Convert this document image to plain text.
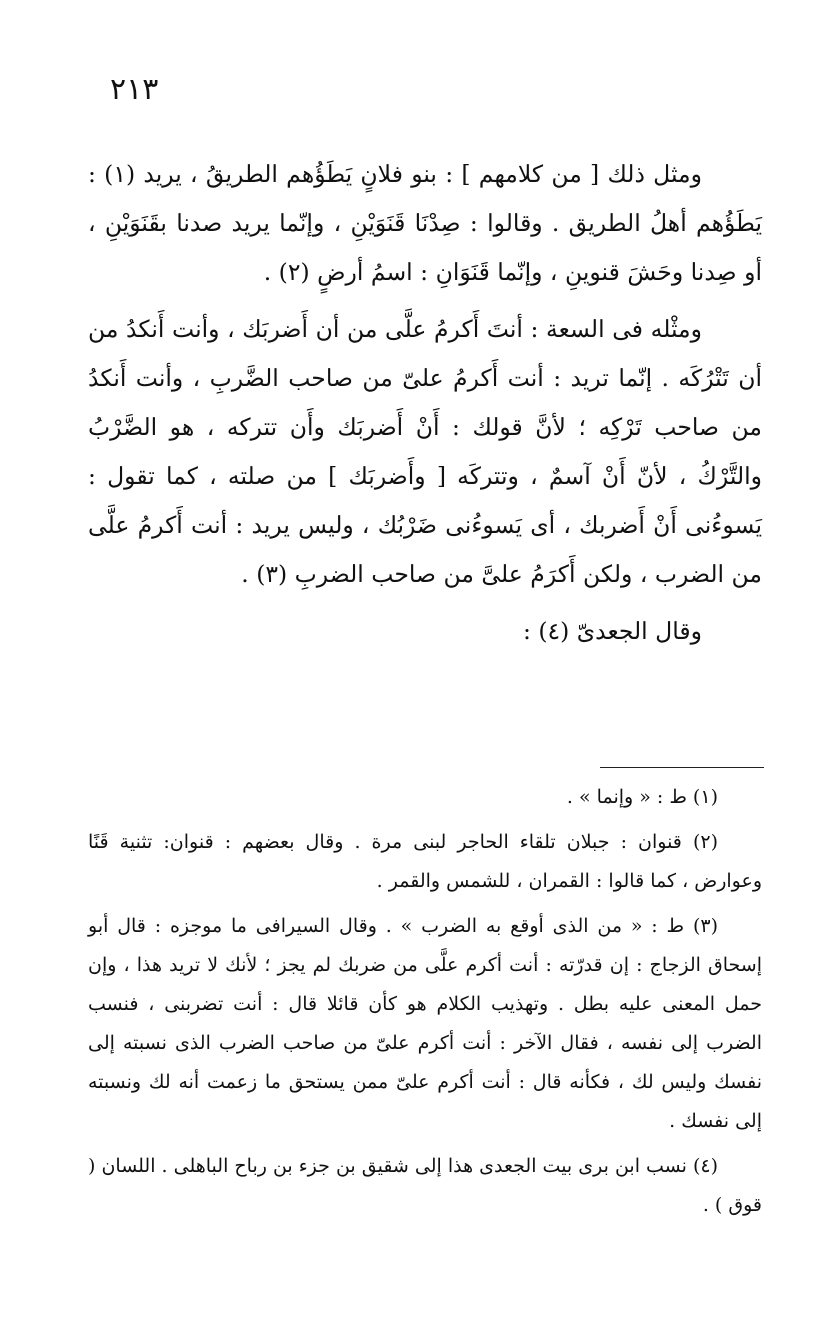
٢١٣

ومثل ذلك [ من كلامهم ] : بنو فلانٍ يَطَؤُهم الطريقُ ، يريد (١) : يَطَؤُهم أهلُ الطريق . وقالوا : صِدْنَا قَنَوَيْنِ ، وإنّما يريد صدنا بقَنَوَيْنِ ، أو صِدنا وحَشَ قنوينِ ، وإنّما قَنَوَانِ : اسمُ أرضٍ (٢) .

ومثْله فى السعة : أنتَ أَكرمُ علَّى من أن أَضربَك ، وأنت أَنكدُ من أن تَتْرُكَه . إنّما تريد : أنت أَكرمُ علىّ من صاحب الضَّربِ ، وأنت أَنكدُ من صاحب تَرْكِه ؛ لأنَّ قولك : أَنْ أَضربَك وأَن تتركه ، هو الضَّرْبُ والتَّرْكُ ، لأنّ أَنْ آسمٌ ، وتتركَه [ وأَضربَك ] من صلته ، كما تقول : يَسوءُنى أَنْ أَضربك ، أى يَسوءُنى ضَرْبُك ، وليس يريد : أنت أَكرمُ علَّى من الضرب ، ولكن أَكرَمُ علىَّ من صاحب الضربِ (٣) .

وقال الجعدىّ (٤) :

(١) ط : « وإنما » .

(٢) قنوان : جبلان تلقاء الحاجر لبنى مرة . وقال بعضهم : قنوان: تثنية قَنًا وعوارض ، كما قالوا : القمران ، للشمس والقمر .

(٣) ط : « من الذى أوقع به الضرب » . وقال السيرافى ما موجزه : قال أبو إسحاق الزجاج : إن قدرّته : أنت أكرم علَّى من ضربك لم يجز ؛ لأنك لا تريد هذا ، وإن حمل المعنى عليه بطل . وتهذيب الكلام هو كأن قائلا قال : أنت تضربنى ، فنسب الضرب إلى نفسه ، فقال الآخر : أنت أكرم علىّ من صاحب الضرب الذى نسبته إلى نفسك وليس لك ، فكأنه قال : أنت أكرم علىّ ممن يستحق ما زعمت أنه لك ونسبته إلى نفسك .

(٤) نسب ابن برى بيت الجعدى هذا إلى شقيق بن جزء بن رباح الباهلى . اللسان ( قوق ) .
